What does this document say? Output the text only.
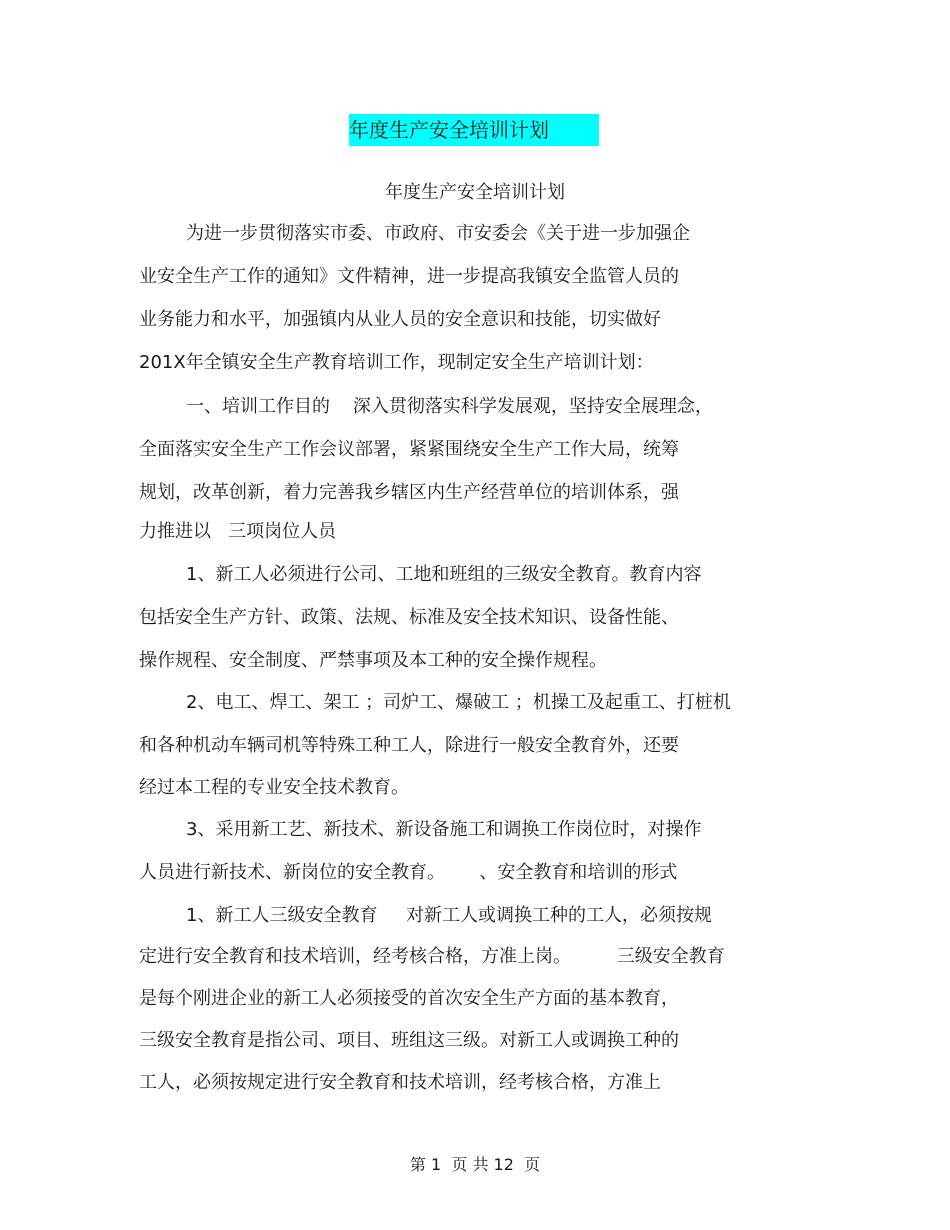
年度生产安全培训计划
年度生产安全培训计划
为进一步贯彻落实市委、市政府、市安委会《关于进一步加强企
业安全生产工作的通知》文件精神，进一步提高我镇安全监管人员的
业务能力和水平，加强镇内从业人员的安全意识和技能，切实做好
201X年全镇安全生产教育培训工作，现制定安全生产培训计划：
一、培训工作目的    深入贯彻落实科学发展观，坚持安全展理念，
全面落实安全生产工作会议部署，紧紧围绕安全生产工作大局，统筹
规划，改革创新，着力完善我乡辖区内生产经营单位的培训体系，强
力推进以   三项岗位人员
1、新工人必须进行公司、工地和班组的三级安全教育。教育内容
包括安全生产方针、政策、法规、标准及安全技术知识、设备性能、
操作规程、安全制度、严禁事项及本工种的安全操作规程。
2、电工、焊工、架工 ；司炉工、爆破工 ；机操工及起重工、打桩机
和各种机动车辆司机等特殊工种工人，除进行一般安全教育外，还要
经过本工程的专业安全技术教育。
3、采用新工艺、新技术、新设备施工和调换工作岗位时，对操作
人员进行新技术、新岗位的安全教育。      、安全教育和培训的形式
1、新工人三级安全教育     对新工人或调换工种的工人，必须按规
定进行安全教育和技术培训，经考核合格，方准上岗。        三级安全教育
是每个刚进企业的新工人必须接受的首次安全生产方面的基本教育，
三级安全教育是指公司、项目、班组这三级。对新工人或调换工种的
工人，必须按规定进行安全教育和技术培训，经考核合格，方准上
第 1  页 共 12  页
